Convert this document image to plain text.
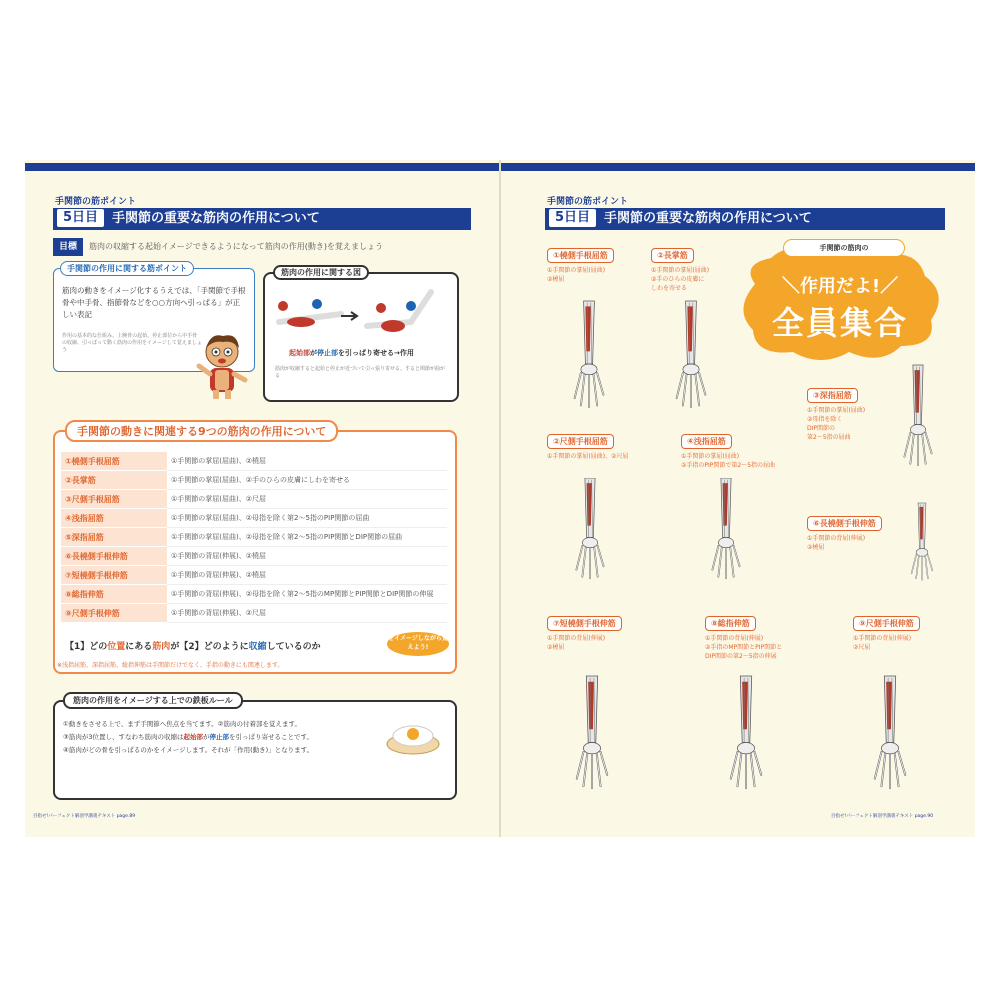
手関節の筋ポイント
5日目 手関節の重要な筋肉の作用について
目標 筋肉の収縮する起始イメージできるようになって筋肉の作用(動き)を覚えましょう
手関節の作用に関する筋ポイント
筋肉の動きをイメージ化するうえでは、「手関節で手根骨や中手骨、指節骨などを○○方向へ引っぱる」が正しい表記
作用の基本的な仕組み。上腕骨の起始、停止部位から中手骨の収縮、引っぱって動く筋肉の作用をイメージして覚えましょう
筋肉の作用に関する図
起始部が停止部を引っぱり寄せる→作用
筋肉が収縮すると起始と停止が近づいて引っ張り寄せる。すると関節が曲がる
手関節の動きに関連する9つの筋肉の作用について
①橈側手根屈筋	①手関節の掌屈(屈曲)、②橈屈
②長掌筋	①手関節の掌屈(屈曲)、②手のひらの皮膚にしわを寄せる
③尺側手根屈筋	①手関節の掌屈(屈曲)、②尺屈
④浅指屈筋	①手関節の掌屈(屈曲)、②母指を除く第2～5指のPIP関節の屈曲
⑤深指屈筋	①手関節の掌屈(屈曲)、②母指を除く第2～5指のPIP関節とDIP関節の屈曲
⑥長橈側手根伸筋	①手関節の背屈(伸展)、②橈屈
⑦短橈側手根伸筋	①手関節の背屈(伸展)、②橈屈
⑧総指伸筋	①手関節の背屈(伸展)、②母指を除く第2～5指のMP関節とPIP関節とDIP関節の伸展
⑨尺側手根伸筋	①手関節の背屈(伸展)、②尺屈
【1】どの位置にある筋肉が【2】どのように収縮しているのか
をイメージしながら覚えよう!
※浅指屈筋、深指屈筋、総指伸筋は手関節だけでなく、手指の動きにも関連します。
筋肉の作用をイメージする上での鉄板ルール
①動きをさせる上で、まず手関節へ焦点を当てます。②筋肉の付着部を覚えます。
③筋肉が3位置し、すなわち筋肉の収縮は起始部が停止部を引っぱり寄せることです。
④筋肉がどの骨を引っぱるのかをイメージします。それが「作用(動き)」となります。
目指せ!パーフェクト解剖学講義テキスト page.89
手関節の筋ポイント
5日目 手関節の重要な筋肉の作用について
手関節の筋肉の
＼作用だよ!／
全員集合
①橈側手根屈筋
①手関節の掌屈(屈曲)
②橈屈
②長掌筋
①手関節の掌屈(屈曲)
②手のひらの皮膚に
しわを寄せる
③深指屈筋
①手関節の掌屈(屈曲)
②母指を除く
DIP関節の
第2～5指の屈曲
②尺側手根屈筋
①手関節の掌屈(屈曲)、②尺屈
④浅指屈筋
①手関節の掌屈(屈曲)
②手指のPIP関節で第2～5指の屈曲
⑥長橈側手根伸筋
①手関節の背屈(伸展)
②橈屈
⑦短橈側手根伸筋
①手関節の背屈(伸展)
②橈屈
⑧総指伸筋
①手関節の背屈(伸展)
②手指のMP関節とPIP関節と
DIP関節の第2～5指の伸展
⑨尺側手根伸筋
①手関節の背屈(伸展)
②尺屈
目指せ!パーフェクト解剖学講義テキスト page.90
